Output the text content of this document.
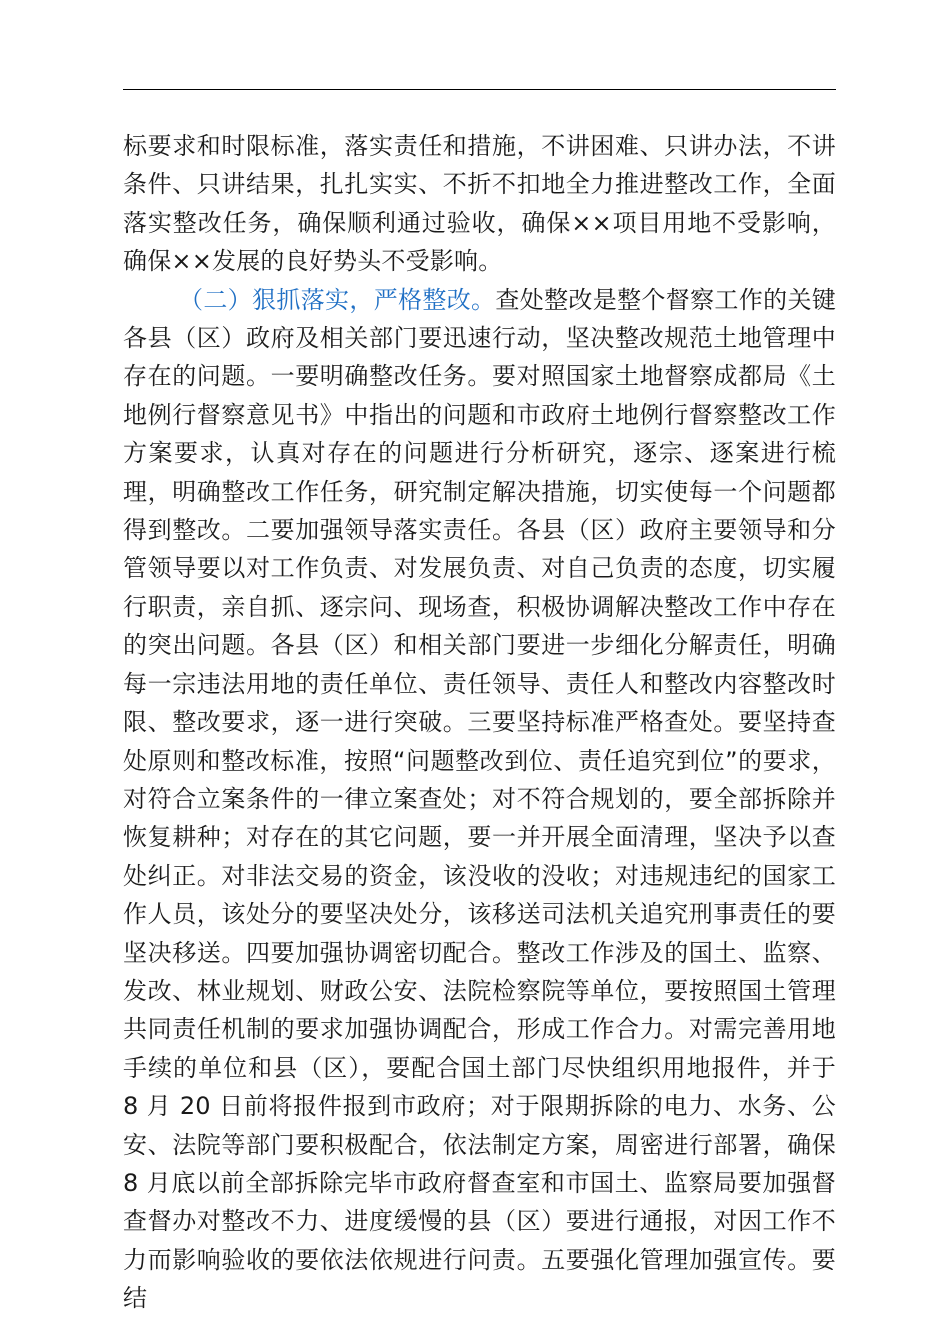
标要求和时限标准，落实责任和措施，不讲困难、只讲办法，不讲条件、只讲结果，扎扎实实、不折不扣地全力推进整改工作，全面落实整改任务，确保顺利通过验收，确保××项目用地不受影响，确保××发展的良好势头不受影响。

（二）狠抓落实，严格整改。查处整改是整个督察工作的关键各县（区）政府及相关部门要迅速行动，坚决整改规范土地管理中存在的问题。一要明确整改任务。要对照国家土地督察成都局《土地例行督察意见书》中指出的问题和市政府土地例行督察整改工作方案要求，认真对存在的问题进行分析研究，逐宗、逐案进行梳理，明确整改工作任务，研究制定解决措施，切实使每一个问题都得到整改。二要加强领导落实责任。各县（区）政府主要领导和分管领导要以对工作负责、对发展负责、对自己负责的态度，切实履行职责，亲自抓、逐宗问、现场查，积极协调解决整改工作中存在的突出问题。各县（区）和相关部门要进一步细化分解责任，明确每一宗违法用地的责任单位、责任领导、责任人和整改内容整改时限、整改要求，逐一进行突破。三要坚持标准严格查处。要坚持查处原则和整改标准，按照“问题整改到位、责任追究到位”的要求，对符合立案条件的一律立案查处；对不符合规划的，要全部拆除并恢复耕种；对存在的其它问题，要一并开展全面清理，坚决予以查处纠正。对非法交易的资金，该没收的没收；对违规违纪的国家工作人员，该处分的要坚决处分，该移送司法机关追究刑事责任的要坚决移送。四要加强协调密切配合。整改工作涉及的国土、监察、发改、林业规划、财政公安、法院检察院等单位，要按照国土管理共同责任机制的要求加强协调配合，形成工作合力。对需完善用地手续的单位和县（区），要配合国土部门尽快组织用地报件，并于 8 月 20 日前将报件报到市政府；对于限期拆除的电力、水务、公安、法院等部门要积极配合，依法制定方案，周密进行部署，确保 8 月底以前全部拆除完毕市政府督查室和市国土、监察局要加强督查督办对整改不力、进度缓慢的县（区）要进行通报，对因工作不力而影响验收的要依法依规进行问责。五要强化管理加强宣传。要结
